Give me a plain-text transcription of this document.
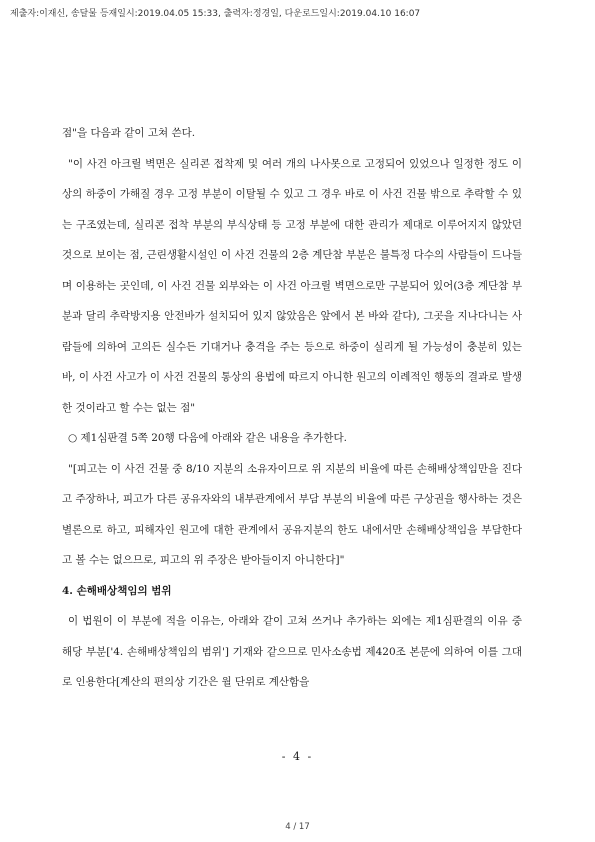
제출자:이재신, 송달물 등재일시:2019.04.05 15:33, 출력자:정경일, 다운로드일시:2019.04.10 16:07

점"을 다음과 같이 고쳐 쓴다.

"이 사건 아크릴 벽면은 실리콘 접착제 및 여러 개의 나사못으로 고정되어 있었으나 일정한 정도 이상의 하중이 가해질 경우 고정 부분이 이탈될 수 있고 그 경우 바로 이 사건 건물 밖으로 추락할 수 있는 구조였는데, 실리콘 접착 부분의 부식상태 등 고정 부분에 대한 관리가 제대로 이루어지지 않았던 것으로 보이는 점, 근린생활시설인 이 사건 건물의 2층 계단참 부분은 불특정 다수의 사람들이 드나들며 이용하는 곳인데, 이 사건 건물 외부와는 이 사건 아크릴 벽면으로만 구분되어 있어(3층 계단참 부분과 달리 추락방지용 안전바가 설치되어 있지 않았음은 앞에서 본 바와 같다), 그곳을 지나다니는 사람들에 의하여 고의든 실수든 기대거나 충격을 주는 등으로 하중이 실리게 될 가능성이 충분히 있는바, 이 사건 사고가 이 사건 건물의 통상의 용법에 따르지 아니한 원고의 이례적인 행동의 결과로 발생한 것이라고 할 수는 없는 점"

○ 제1심판결 5쪽 20행 다음에 아래와 같은 내용을 추가한다.

"[피고는 이 사건 건물 중 8/10 지분의 소유자이므로 위 지분의 비율에 따른 손해배상책임만을 진다고 주장하나, 피고가 다른 공유자와의 내부관계에서 부담 부분의 비율에 따른 구상권을 행사하는 것은 별론으로 하고, 피해자인 원고에 대한 관계에서 공유지분의 한도 내에서만 손해배상책임을 부담한다고 볼 수는 없으므로, 피고의 위 주장은 받아들이지 아니한다]"

4. 손해배상책임의 범위

이 법원이 이 부분에 적을 이유는, 아래와 같이 고쳐 쓰거나 추가하는 외에는 제1심판결의 이유 중 해당 부분['4. 손해배상책임의 범위'] 기재와 같으므로 민사소송법 제420조 본문에 의하여 이를 그대로 인용한다[계산의 편의상 기간은 월 단위로 계산함을

- 4 -
4 / 17
